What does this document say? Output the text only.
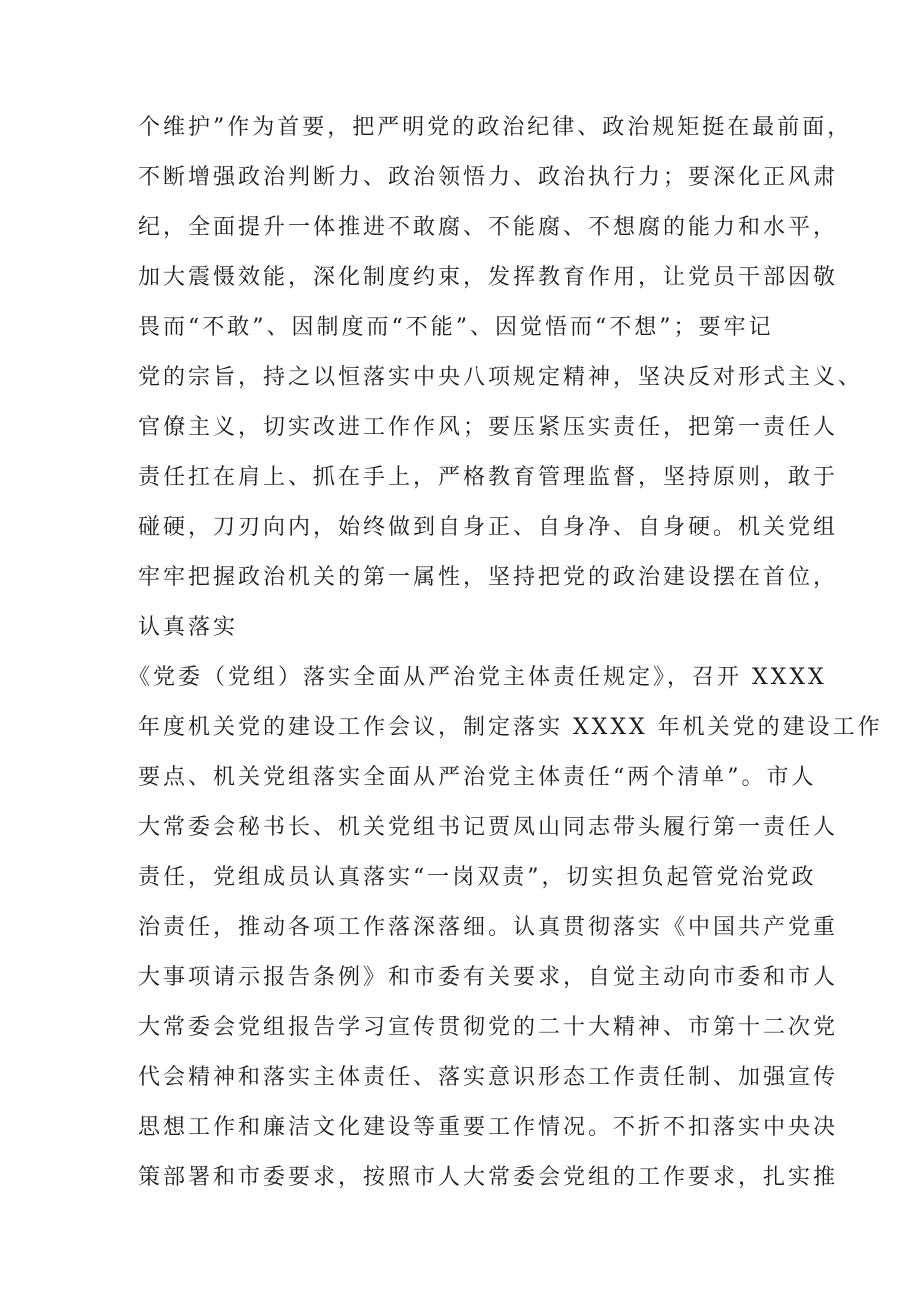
个维护”作为首要，把严明党的政治纪律、政治规矩挺在最前面，
不断增强政治判断力、政治领悟力、政治执行力；要深化正风肃
纪，全面提升一体推进不敢腐、不能腐、不想腐的能力和水平，
加大震慑效能，深化制度约束，发挥教育作用，让党员干部因敬
畏而“不敢”、因制度而“不能”、因觉悟而“不想”；要牢记
党的宗旨，持之以恒落实中央八项规定精神，坚决反对形式主义、
官僚主义，切实改进工作作风；要压紧压实责任，把第一责任人
责任扛在肩上、抓在手上，严格教育管理监督，坚持原则，敢于
碰硬，刀刃向内，始终做到自身正、自身净、自身硬。机关党组
牢牢把握政治机关的第一属性，坚持把党的政治建设摆在首位，
认真落实
《党委（党组）落实全面从严治党主体责任规定》，召开 XXXX
年度机关党的建设工作会议，制定落实 XXXX 年机关党的建设工作
要点、机关党组落实全面从严治党主体责任“两个清单”。市人
大常委会秘书长、机关党组书记贾凤山同志带头履行第一责任人
责任，党组成员认真落实“一岗双责”，切实担负起管党治党政
治责任，推动各项工作落深落细。认真贯彻落实《中国共产党重
大事项请示报告条例》和市委有关要求，自觉主动向市委和市人
大常委会党组报告学习宣传贯彻党的二十大精神、市第十二次党
代会精神和落实主体责任、落实意识形态工作责任制、加强宣传
思想工作和廉洁文化建设等重要工作情况。不折不扣落实中央决
策部署和市委要求，按照市人大常委会党组的工作要求，扎实推
